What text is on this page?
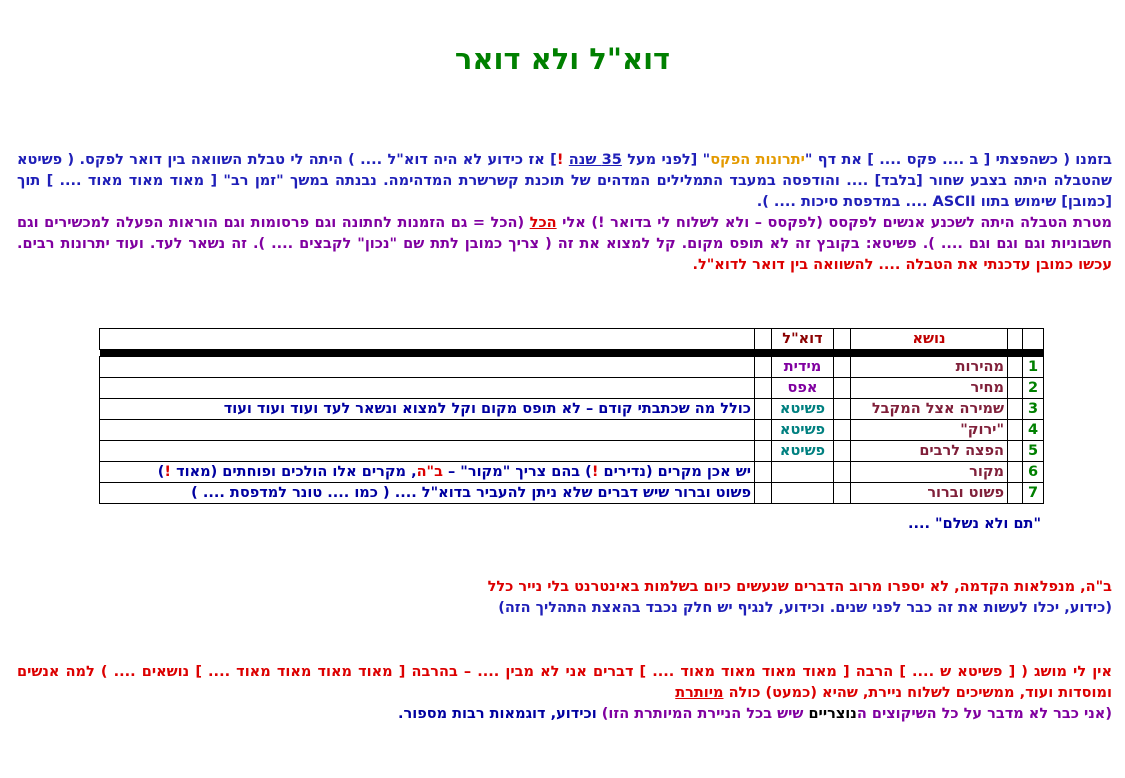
דוא"ל ולא דואר

בזמנו ( כשהפצתי [ ב .... פקס .... ] את דף "יתרונות הפקס" [לפני מעל 35 שנה !] אז כידוע לא היה דוא"ל .... ) היתה לי טבלת השוואה בין דואר לפקס. ( פשיטא שהטבלה היתה בצבע שחור [בלבד] .... והודפסה במעבד התמלילים המדהים של תוכנת קשרשרת המדהימה. נבנתה במשך "זמן רב" [ מאוד מאוד מאוד .... ] תוך [כמובן] שימוש בתוו ASCII .... במדפסת סיכות .... ).
מטרת הטבלה היתה לשכנע אנשים לפקסס (לפקסס – ולא לשלוח לי בדואר !) אלי הכל (הכל = גם הזמנות לחתונה וגם פרסומות וגם הוראות הפעלה למכשירים וגם חשבוניות וגם וגם וגם .... ). פשיטא: בקובץ זה לא תופס מקום. קל למצוא את זה ( צריך כמובן לתת שם "נכון" לקבצים .... ). זה נשאר לעד. ועוד יתרונות רבים. עכשו כמובן עדכנתי את הטבלה .... להשוואה בין דואר לדוא"ל.

		נושא		דוא"ל		

1		מהירות		מידית		
2		מחיר		אפס		
3		שמירה אצל המקבל		פשיטא		כולל מה שכתבתי קודם – לא תופס מקום וקל למצוא ונשאר לעד ועוד ועוד ועוד
4		"ירוק"		פשיטא		
5		הפצה לרבים		פשיטא		
6		מקור				יש אכן מקרים (נדירים !) בהם צריך "מקור" – ב"ה, מקרים אלו הולכים ופוחתים (מאוד !)
7		פשוט וברור				פשוט וברור שיש דברים שלא ניתן להעביר בדוא"ל .... ( כמו .... טונר למדפסת .... )
"תם ולא נשלם" ....

ב"ה, מנפלאות הקדמה, לא יספרו מרוב הדברים שנעשים כיום בשלמות באינטרנט בלי נייר כלל
(כידוע, יכלו לעשות את זה כבר לפני שנים. וכידוע, לנגיף יש חלק נכבד בהאצת התהליך הזה)

אין לי מושג ( [ פשיטא ש .... ] הרבה [ מאוד מאוד מאוד מאוד .... ] דברים אני לא מבין .... – בהרבה [ מאוד מאוד מאוד מאוד .... ] נושאים .... ) למה אנשים ומוסדות ועוד, ממשיכים לשלוח ניירת, שהיא (כמעט) כולה מיותרת
(אני כבר לא מדבר על כל השיקוצים הנוצריים שיש בכל הניירת המיותרת הזו) וכידוע, דוגמאות רבות מספור.
